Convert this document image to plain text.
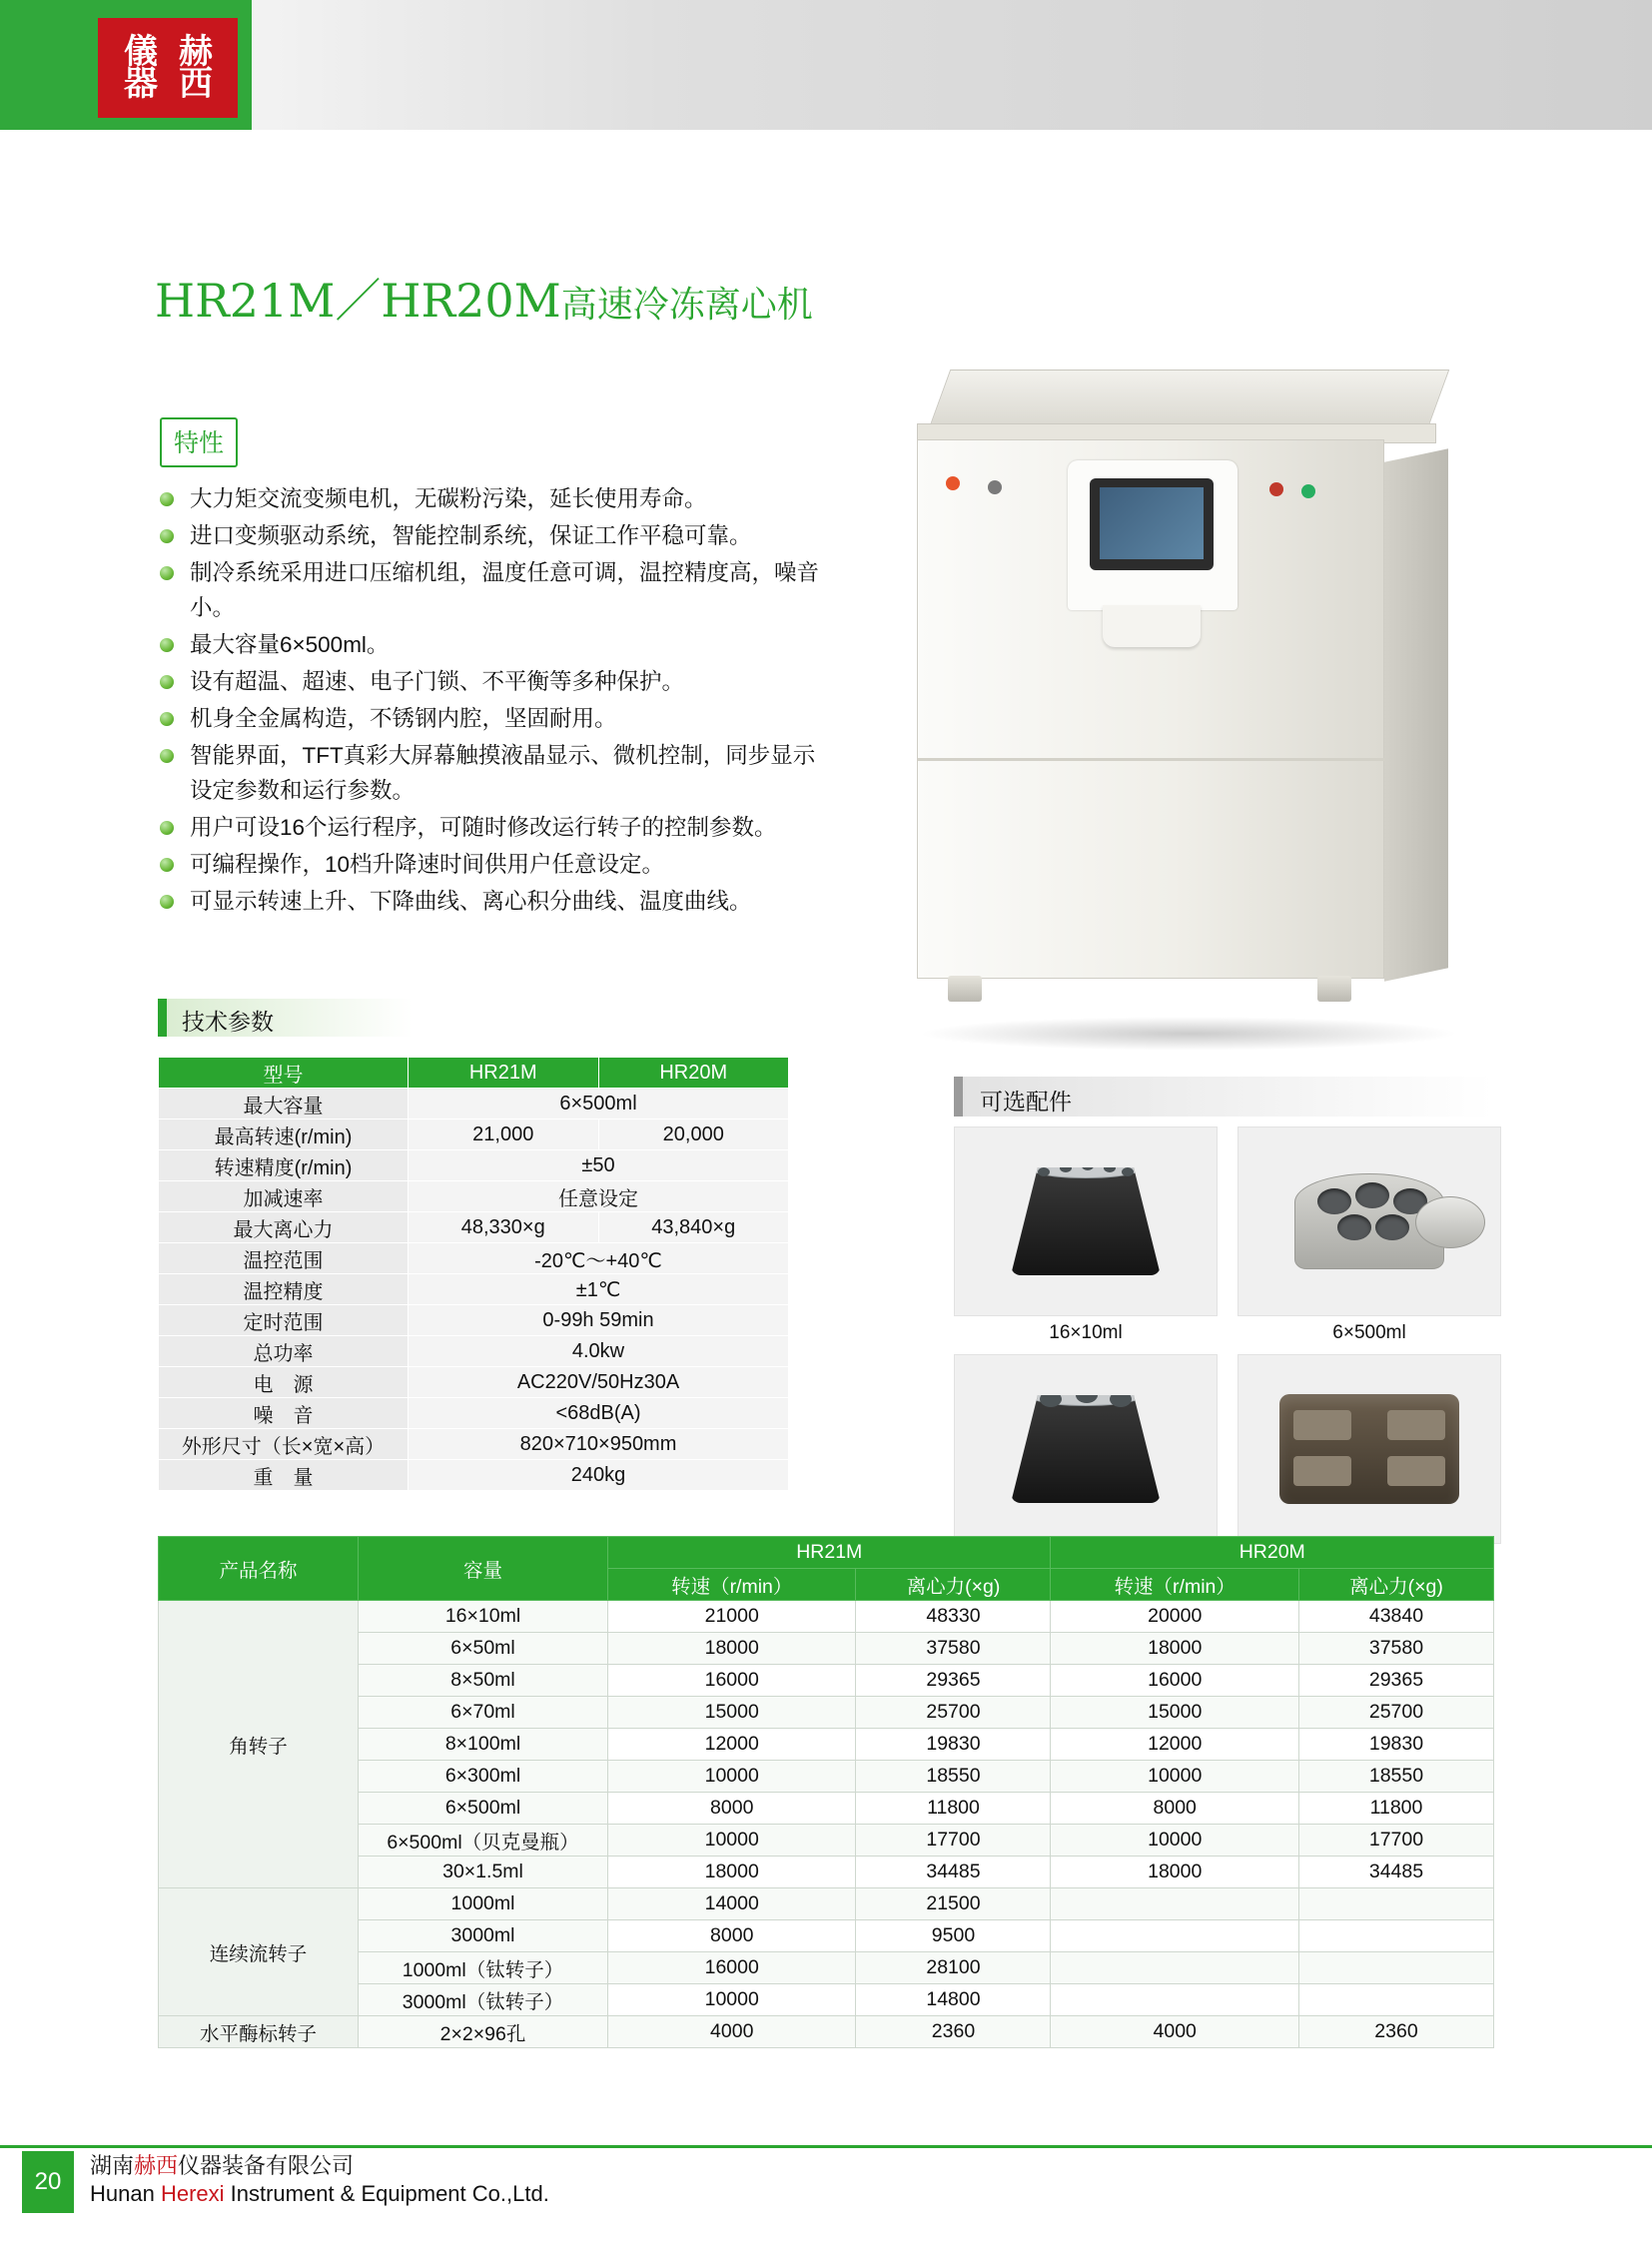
儀 赫
器 西
HR21M／HR20M高速冷冻离心机
特性
大力矩交流变频电机，无碳粉污染，延长使用寿命。
进口变频驱动系统，智能控制系统，保证工作平稳可靠。
制冷系统采用进口压缩机组，温度任意可调，温控精度高，噪音小。
最大容量6×500ml。
设有超温、超速、电子门锁、不平衡等多种保护。
机身全金属构造，不锈钢内腔，坚固耐用。
智能界面，TFT真彩大屏幕触摸液晶显示、微机控制，同步显示设定参数和运行参数。
用户可设16个运行程序，可随时修改运行转子的控制参数。
可编程操作，10档升降速时间供用户任意设定。
可显示转速上升、下降曲线、离心积分曲线、温度曲线。
技术参数
型号	HR21M	HR20M
最大容量	6×500ml	
最高转速(r/min)	21,000	20,000
转速精度(r/min)	±50	
加减速率	任意设定	
最大离心力	48,330×g	43,840×g
温控范围	-20℃～+40℃	
温控精度	±1℃	
定时范围	0-99h 59min	
总功率	4.0kw	
电　源	AC220V/50Hz30A	
噪　音	<68dB(A)	
外形尺寸（长×宽×高）	820×710×950mm	
重　量	240kg	
可选配件
16×10ml	6×500ml
产品名称	容量	HR21M		HR20M	
		转速（r/min）	离心力(×g)	转速（r/min）	离心力(×g)
角转子	16×10ml	21000	48330	20000	43840
	6×50ml	18000	37580	18000	37580
	8×50ml	16000	29365	16000	29365
	6×70ml	15000	25700	15000	25700
	8×100ml	12000	19830	12000	19830
	6×300ml	10000	18550	10000	18550
	6×500ml	8000	11800	8000	11800
	6×500ml（贝克曼瓶）	10000	17700	10000	17700
	30×1.5ml	18000	34485	18000	34485
连续流转子	1000ml	14000	21500		
	3000ml	8000	9500		
	1000ml（钛转子）	16000	28100		
	3000ml（钛转子）	10000	14800		
水平酶标转子	2×2×96孔	4000	2360	4000	2360
20
湖南赫西仪器装备有限公司
Hunan Herexi Instrument & Equipment Co.,Ltd.
